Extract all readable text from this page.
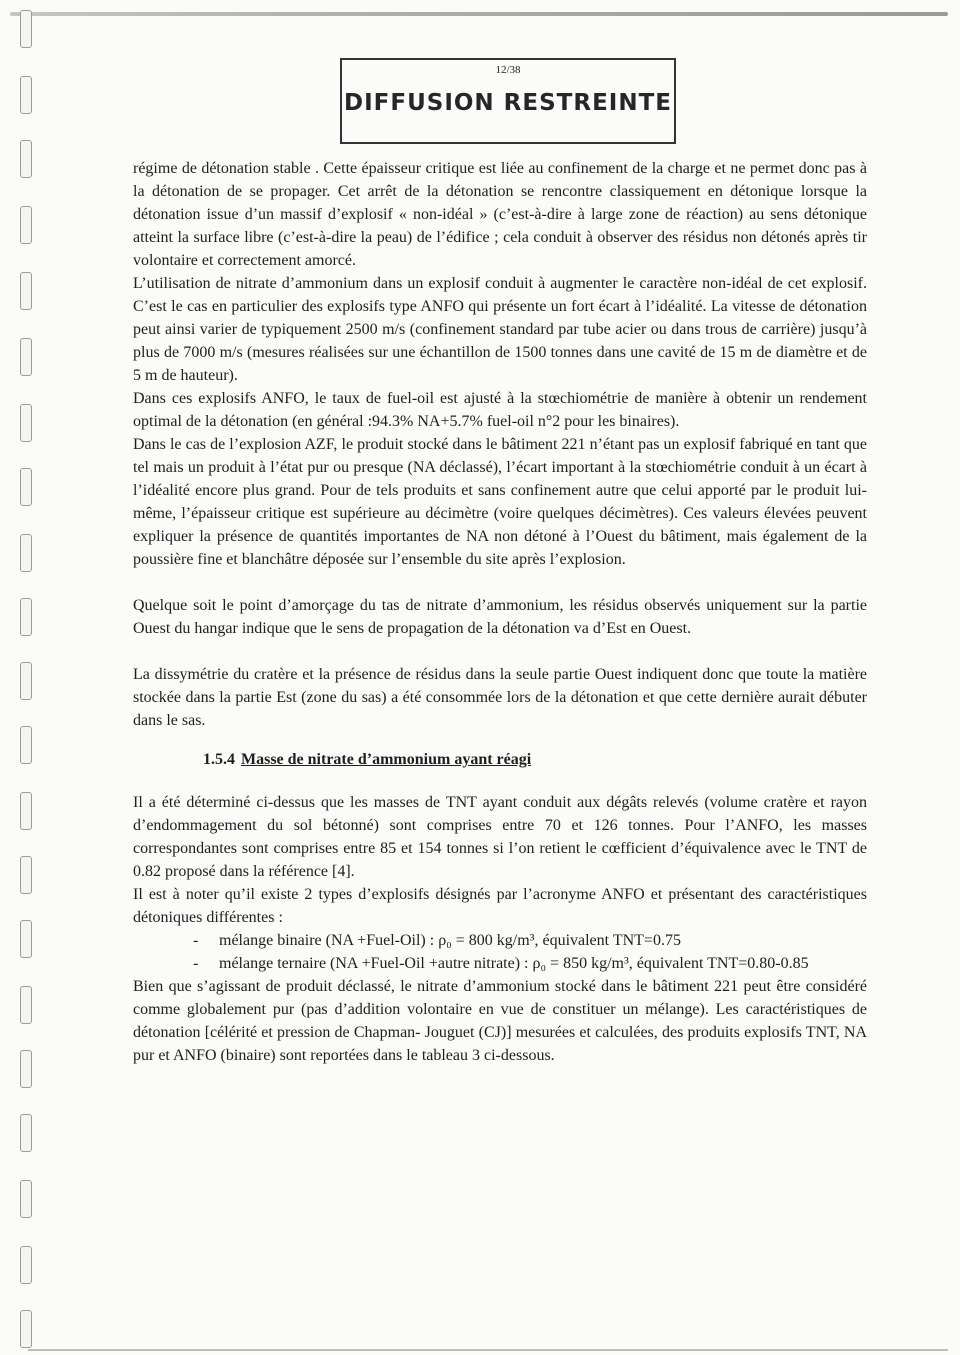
12/38
DIFFUSION RESTREINTE

régime de détonation stable . Cette épaisseur critique est liée au confinement de la charge et ne permet donc pas à la détonation de se propager. Cet arrêt de la détonation se rencontre classiquement en détonique lorsque la détonation issue d’un massif d’explosif « non-idéal » (c’est-à-dire à large zone de réaction) au sens détonique atteint la surface libre (c’est-à-dire la peau) de l’édifice ; cela conduit à observer des résidus non détonés après tir volontaire et correctement amorcé.

L’utilisation de nitrate d’ammonium dans un explosif conduit à augmenter le caractère non-idéal de cet explosif. C’est le cas en particulier des explosifs type ANFO qui présente un fort écart à l’idéalité. La vitesse de détonation peut ainsi varier de typiquement 2500 m/s (confinement standard par tube acier ou dans trous de carrière) jusqu’à plus de 7000 m/s (mesures réalisées sur une échantillon de 1500 tonnes dans une cavité de 15 m de diamètre et de 5 m de hauteur).

Dans ces explosifs ANFO, le taux de fuel-oil est ajusté à la stœchiométrie de manière à obtenir un rendement optimal de la détonation (en général :94.3% NA+5.7% fuel-oil n°2 pour les binaires).

Dans le cas de l’explosion AZF, le produit stocké dans le bâtiment 221 n’étant pas un explosif fabriqué en tant que tel mais un produit à l’état pur ou presque (NA déclassé), l’écart important à la stœchiométrie conduit à un écart à l’idéalité encore plus grand. Pour de tels produits et sans confinement autre que celui apporté par le produit lui-même, l’épaisseur critique est supérieure au décimètre (voire quelques décimètres). Ces valeurs élevées peuvent expliquer la présence de quantités importantes de NA non détoné à l’Ouest du bâtiment, mais également de la poussière fine et blanchâtre déposée sur l’ensemble du site après l’explosion.

Quelque soit le point d’amorçage du tas de nitrate d’ammonium, les résidus observés uniquement sur la partie Ouest du hangar indique que le sens de propagation de la détonation va d’Est en Ouest.

La dissymétrie du cratère et la présence de résidus dans la seule partie Ouest indiquent donc que toute la matière stockée dans la partie Est (zone du sas) a été consommée lors de la détonation et que cette dernière aurait débuter dans le sas.

1.5.4 Masse de nitrate d’ammonium ayant réagi

Il a été déterminé ci-dessus que les masses de TNT ayant conduit aux dégâts relevés (volume cratère et rayon d’endommagement du sol bétonné) sont comprises entre 70 et 126 tonnes. Pour l’ANFO, les masses correspondantes sont comprises entre 85 et 154 tonnes si l’on retient le cœfficient d’équivalence avec le TNT de 0.82 proposé dans la référence [4].

Il est à noter qu’il existe 2 types d’explosifs désignés par l’acronyme ANFO et présentant des caractéristiques détoniques différentes :

- mélange binaire (NA +Fuel-Oil) : ρ₀ = 800 kg/m³, équivalent TNT=0.75
- mélange ternaire (NA +Fuel-Oil +autre nitrate) : ρ₀ = 850 kg/m³, équivalent TNT=0.80-0.85

Bien que s’agissant de produit déclassé, le nitrate d’ammonium stocké dans le bâtiment 221 peut être considéré comme globalement pur (pas d’addition volontaire en vue de constituer un mélange). Les caractéristiques de détonation [célérité et pression de Chapman- Jouguet (CJ)] mesurées et calculées, des produits explosifs TNT, NA pur et ANFO (binaire) sont reportées dans le tableau 3 ci-dessous.
